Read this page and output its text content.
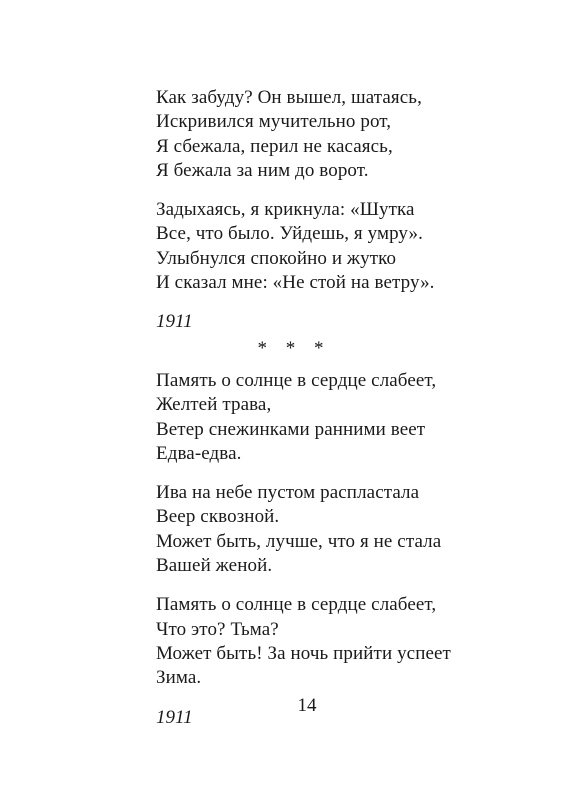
Как забуду? Он вышел, шатаясь,
Искривился мучительно рот,
Я сбежала, перил не касаясь,
Я бежала за ним до ворот.
Задыхаясь, я крикнула: «Шутка
Все, что было. Уйдешь, я умру».
Улыбнулся спокойно и жутко
И сказал мне: «Не стой на ветру».
1911
* * *
Память о солнце в сердце слабеет,
Желтей трава,
Ветер снежинками ранними веет
Едва-едва.
Ива на небе пустом распластала
Веер сквозной.
Может быть, лучше, что я не стала
Вашей женой.
Память о солнце в сердце слабеет,
Что это? Тьма?
Может быть! За ночь прийти успеет
Зима.
1911
14
